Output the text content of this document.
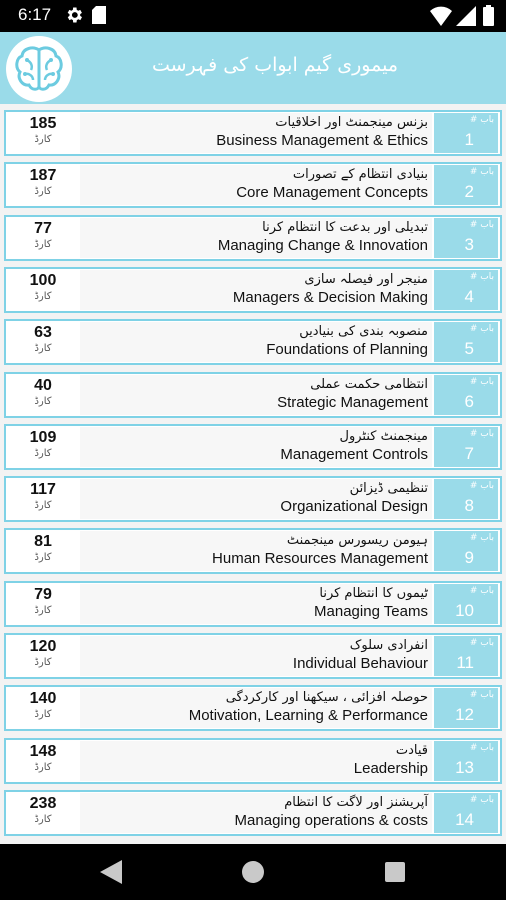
6:17
میموری گیم ابواب کی فہرست
185
کارڈ
بزنس مینجمنٹ اور اخلاقیات
Business Management & Ethics
باب #
1
187
کارڈ
بنیادی انتظام کے تصورات
Core Management Concepts
باب #
2
77
کارڈ
تبدیلی اور بدعت کا انتظام کرنا
Managing Change & Innovation
باب #
3
100
کارڈ
منیجر اور فیصلہ سازی
Managers & Decision Making
باب #
4
63
کارڈ
منصوبہ بندی کی بنیادیں
Foundations of Planning
باب #
5
40
کارڈ
انتظامی حکمت عملی
Strategic Management
باب #
6
109
کارڈ
مینجمنٹ کنٹرول
Management Controls
باب #
7
117
کارڈ
تنظیمی ڈیزائن
Organizational Design
باب #
8
81
کارڈ
ہیومن ریسورس مینجمنٹ
Human Resources Management
باب #
9
79
کارڈ
ٹیموں کا انتظام کرنا
Managing Teams
باب #
10
120
کارڈ
انفرادی سلوک
Individual Behaviour
باب #
11
140
کارڈ
حوصلہ افزائی ، سیکھنا اور کارکردگی
Motivation, Learning & Performance
باب #
12
148
کارڈ
قیادت
Leadership
باب #
13
238
کارڈ
آپریشنز اور لاگت کا انتظام
Managing operations & costs
باب #
14
